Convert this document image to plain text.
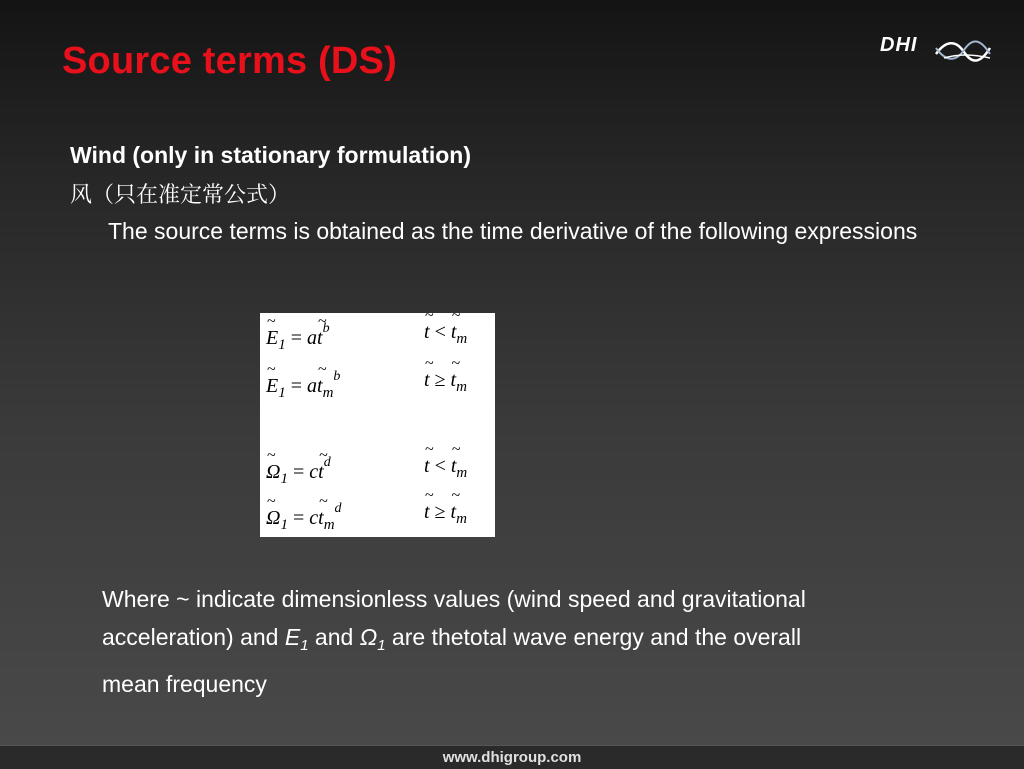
Source terms (DS)	DHI
Wind (only in stationary formulation)
风（只在准定常公式）
The source terms is obtained as the time derivative of the following expressions
~ $E_1$ = a~ $t^b$	~ t < ~ $t_m$
~ $E_1$ = a~ $t_m^b$	~ t ≥ ~ $t_m$
~ $\Omega_1$ = c~ $t^d$	~ t < ~ $t_m$
~ $\Omega_1$ = c~ $t_m^d$	~ t ≥ ~ $t_m$
Where ~ indicate dimensionless values (wind speed and gravitational acceleration) and $E_1$ and $\Omega_1$ are thetotal wave energy and the overall mean frequency
www.dhigroup.com
